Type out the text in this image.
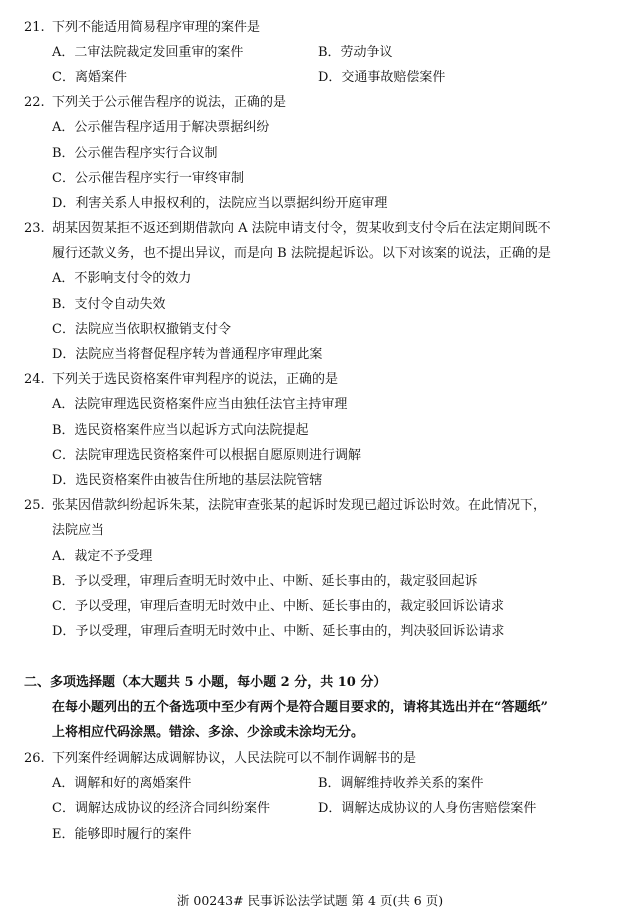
21. 下列不能适用简易程序审理的案件是
A．二审法院裁定发回重审的案件	B．劳动争议
C．离婚案件	D．交通事故赔偿案件
22. 下列关于公示催告程序的说法，正确的是
A．公示催告程序适用于解决票据纠纷
B．公示催告程序实行合议制
C．公示催告程序实行一审终审制
D．利害关系人申报权利的，法院应当以票据纠纷开庭审理
23. 胡某因贺某拒不返还到期借款向 A 法院申请支付令，贺某收到支付令后在法定期间既不
履行还款义务，也不提出异议，而是向 B 法院提起诉讼。以下对该案的说法，正确的是
A．不影响支付令的效力
B．支付令自动失效
C．法院应当依职权撤销支付令
D．法院应当将督促程序转为普通程序审理此案
24. 下列关于选民资格案件审判程序的说法，正确的是
A．法院审理选民资格案件应当由独任法官主持审理
B．选民资格案件应当以起诉方式向法院提起
C．法院审理选民资格案件可以根据自愿原则进行调解
D．选民资格案件由被告住所地的基层法院管辖
25. 张某因借款纠纷起诉朱某，法院审查张某的起诉时发现已超过诉讼时效。在此情况下，
法院应当
A．裁定不予受理
B．予以受理，审理后查明无时效中止、中断、延长事由的，裁定驳回起诉
C．予以受理，审理后查明无时效中止、中断、延长事由的，裁定驳回诉讼请求
D．予以受理，审理后查明无时效中止、中断、延长事由的，判决驳回诉讼请求
二、多项选择题（本大题共 5 小题，每小题 2 分，共 10 分）
在每小题列出的五个备选项中至少有两个是符合题目要求的，请将其选出并在“答题纸”
上将相应代码涂黑。错涂、多涂、少涂或未涂均无分。
26. 下列案件经调解达成调解协议，人民法院可以不制作调解书的是
A．调解和好的离婚案件	B．调解维持收养关系的案件
C．调解达成协议的经济合同纠纷案件	D．调解达成协议的人身伤害赔偿案件
E．能够即时履行的案件
浙 00243# 民事诉讼法学试题 第 4 页(共 6 页)
